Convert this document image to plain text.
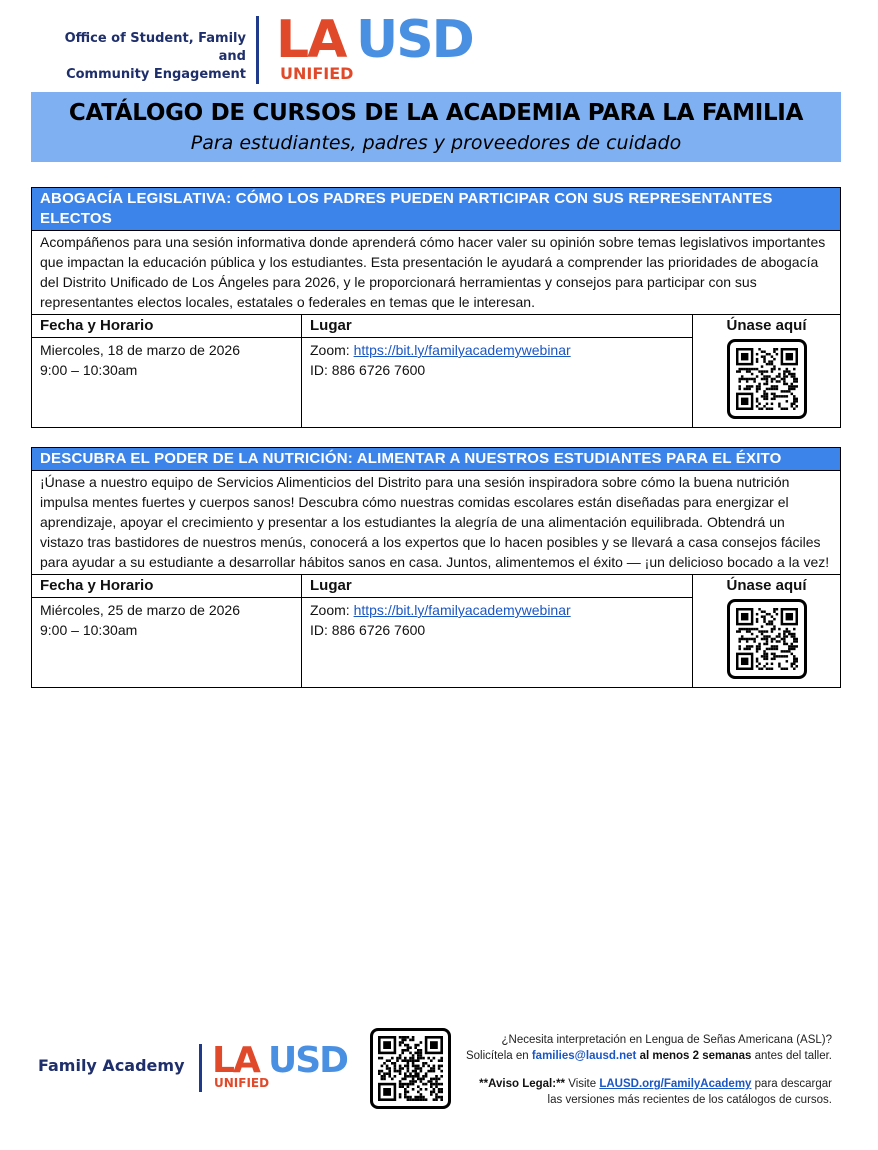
Office of Student, Family and
Community Engagement
LA USD
UNIFIED
CATÁLOGO DE CURSOS DE LA ACADEMIA PARA LA FAMILIA
Para estudiantes, padres y proveedores de cuidado
ABOGACÍA LEGISLATIVA: CÓMO LOS PADRES PUEDEN PARTICIPAR CON SUS REPRESENTANTES ELECTOS
Acompáñenos para una sesión informativa donde aprenderá cómo hacer valer su opinión sobre temas legislativos importantes que impactan la educación pública y los estudiantes. Esta presentación le ayudará a comprender las prioridades de abogacía del Distrito Unificado de Los Ángeles para 2026, y le proporcionará herramientas y consejos para participar con sus representantes electos locales, estatales o federales en temas que le interesan.
Fecha y Horario
Miercoles, 18 de marzo de 2026
9:00 – 10:30am
Lugar
Zoom: https://bit.ly/familyacademywebinar
ID: 886 6726 7600
Únase aquí
DESCUBRA EL PODER DE LA NUTRICIÓN: ALIMENTAR A NUESTROS ESTUDIANTES PARA EL ÉXITO
¡Únase a nuestro equipo de Servicios Alimenticios del Distrito para una sesión inspiradora sobre cómo la buena nutrición impulsa mentes fuertes y cuerpos sanos! Descubra cómo nuestras comidas escolares están diseñadas para energizar el aprendizaje, apoyar el crecimiento y presentar a los estudiantes la alegría de una alimentación equilibrada. Obtendrá un vistazo tras bastidores de nuestros menús, conocerá a los expertos que lo hacen posibles y se llevará a casa consejos fáciles para ayudar a su estudiante a desarrollar hábitos sanos en casa. Juntos, alimentemos el éxito — ¡un delicioso bocado a la vez!
Fecha y Horario
Miércoles, 25 de marzo de 2026
9:00 – 10:30am
Lugar
Zoom: https://bit.ly/familyacademywebinar
ID: 886 6726 7600
Únase aquí
Family Academy LA USD
UNIFIED
¿Necesita interpretación en Lengua de Señas Americana (ASL)?
Solicítela en families@lausd.net al menos 2 semanas antes del taller.
**Aviso Legal:** Visite LAUSD.org/FamilyAcademy para descargar
las versiones más recientes de los catálogos de cursos.
